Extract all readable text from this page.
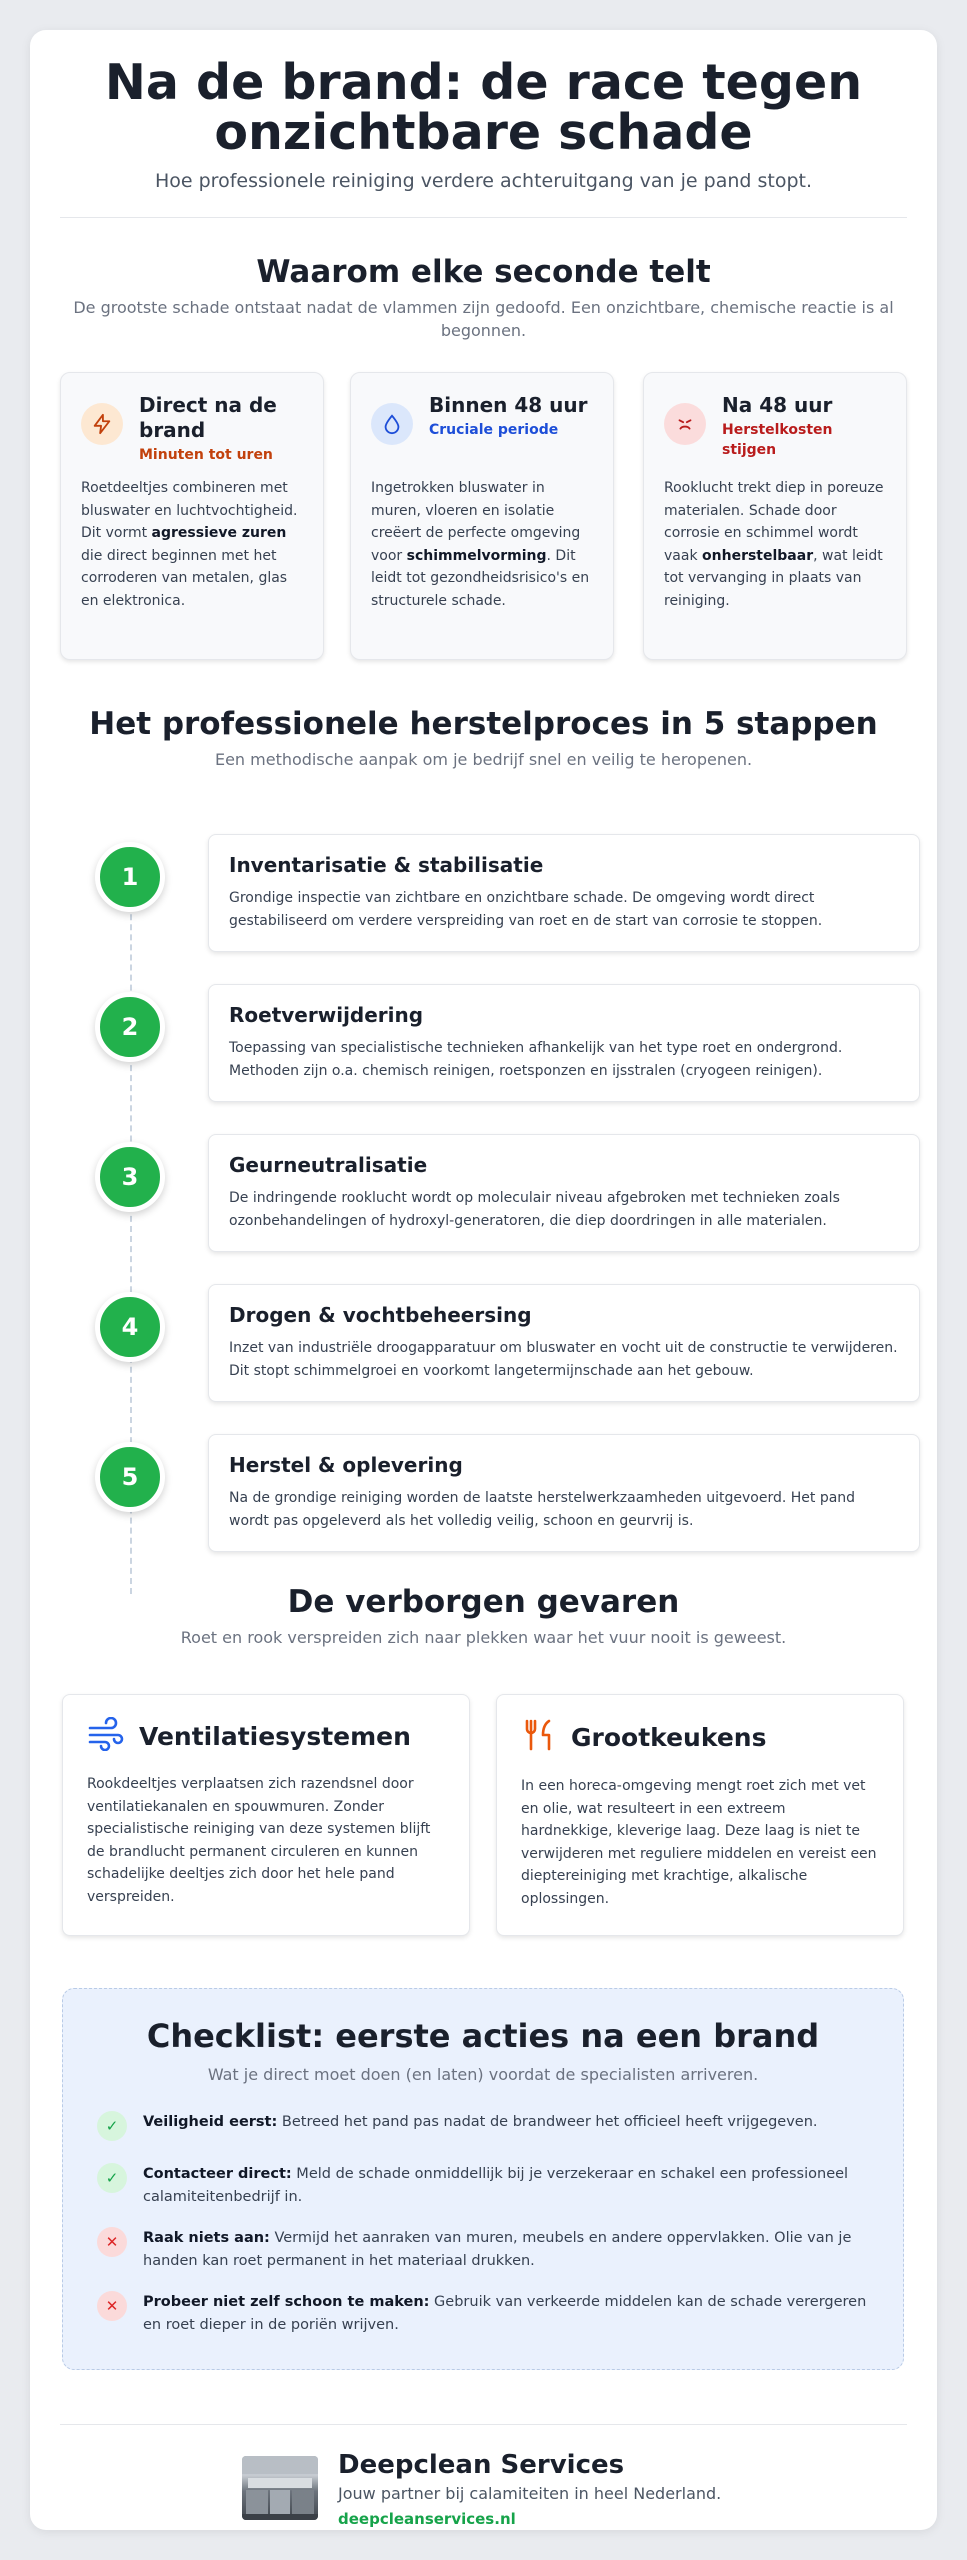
Na de brand: de race tegen onzichtbare schade

Hoe professionele reiniging verdere achteruitgang van je pand stopt.

Waarom elke seconde telt

De grootste schade ontstaat nadat de vlammen zijn gedoofd. Een onzichtbare, chemische reactie is al begonnen.

Direct na de brand
Minuten tot uren

Roetdeeltjes combineren met bluswater en luchtvochtigheid. Dit vormt agressieve zuren die direct beginnen met het corroderen van metalen, glas en elektronica.

Binnen 48 uur
Cruciale periode

Ingetrokken bluswater in muren, vloeren en isolatie creëert de perfecte omgeving voor schimmelvorming. Dit leidt tot gezondheidsrisico's en structurele schade.

Na 48 uur
Herstelkosten stijgen

Rooklucht trekt diep in poreuze materialen. Schade door corrosie en schimmel wordt vaak onherstelbaar, wat leidt tot vervanging in plaats van reiniging.

Het professionele herstelproces in 5 stappen

Een methodische aanpak om je bedrijf snel en veilig te heropenen.

1	Inventarisatie & stabilisatie

Grondige inspectie van zichtbare en onzichtbare schade. De omgeving wordt direct gestabiliseerd om verdere verspreiding van roet en de start van corrosie te stoppen.

2	Roetverwijdering

Toepassing van specialistische technieken afhankelijk van het type roet en ondergrond. Methoden zijn o.a. chemisch reinigen, roetsponzen en ijsstralen (cryogeen reinigen).

3	Geurneutralisatie

De indringende rooklucht wordt op moleculair niveau afgebroken met technieken zoals ozonbehandelingen of hydroxyl-generatoren, die diep doordringen in alle materialen.

4	Drogen & vochtbeheersing

Inzet van industriële droogapparatuur om bluswater en vocht uit de constructie te verwijderen. Dit stopt schimmelgroei en voorkomt langetermijnschade aan het gebouw.

5	Herstel & oplevering

Na de grondige reiniging worden de laatste herstelwerkzaamheden uitgevoerd. Het pand wordt pas opgeleverd als het volledig veilig, schoon en geurvrij is.

De verborgen gevaren

Roet en rook verspreiden zich naar plekken waar het vuur nooit is geweest.

Ventilatiesystemen

Rookdeeltjes verplaatsen zich razendsnel door ventilatiekanalen en spouwmuren. Zonder specialistische reiniging van deze systemen blijft de brandlucht permanent circuleren en kunnen schadelijke deeltjes zich door het hele pand verspreiden.

Grootkeukens

In een horeca-omgeving mengt roet zich met vet en olie, wat resulteert in een extreem hardnekkige, kleverige laag. Deze laag is niet te verwijderen met reguliere middelen en vereist een dieptereiniging met krachtige, alkalische oplossingen.

Checklist: eerste acties na een brand

Wat je direct moet doen (en laten) voordat de specialisten arriveren.

✓	Veiligheid eerst: Betreed het pand pas nadat de brandweer het officieel heeft vrijgegeven.

✓	Contacteer direct: Meld de schade onmiddellijk bij je verzekeraar en schakel een professioneel calamiteitenbedrijf in.

✕	Raak niets aan: Vermijd het aanraken van muren, meubels en andere oppervlakken. Olie van je handen kan roet permanent in het materiaal drukken.

✕	Probeer niet zelf schoon te maken: Gebruik van verkeerde middelen kan de schade verergeren en roet dieper in de poriën wrijven.

Deepclean Services
Jouw partner bij calamiteiten in heel Nederland.
deepcleanservices.nl
